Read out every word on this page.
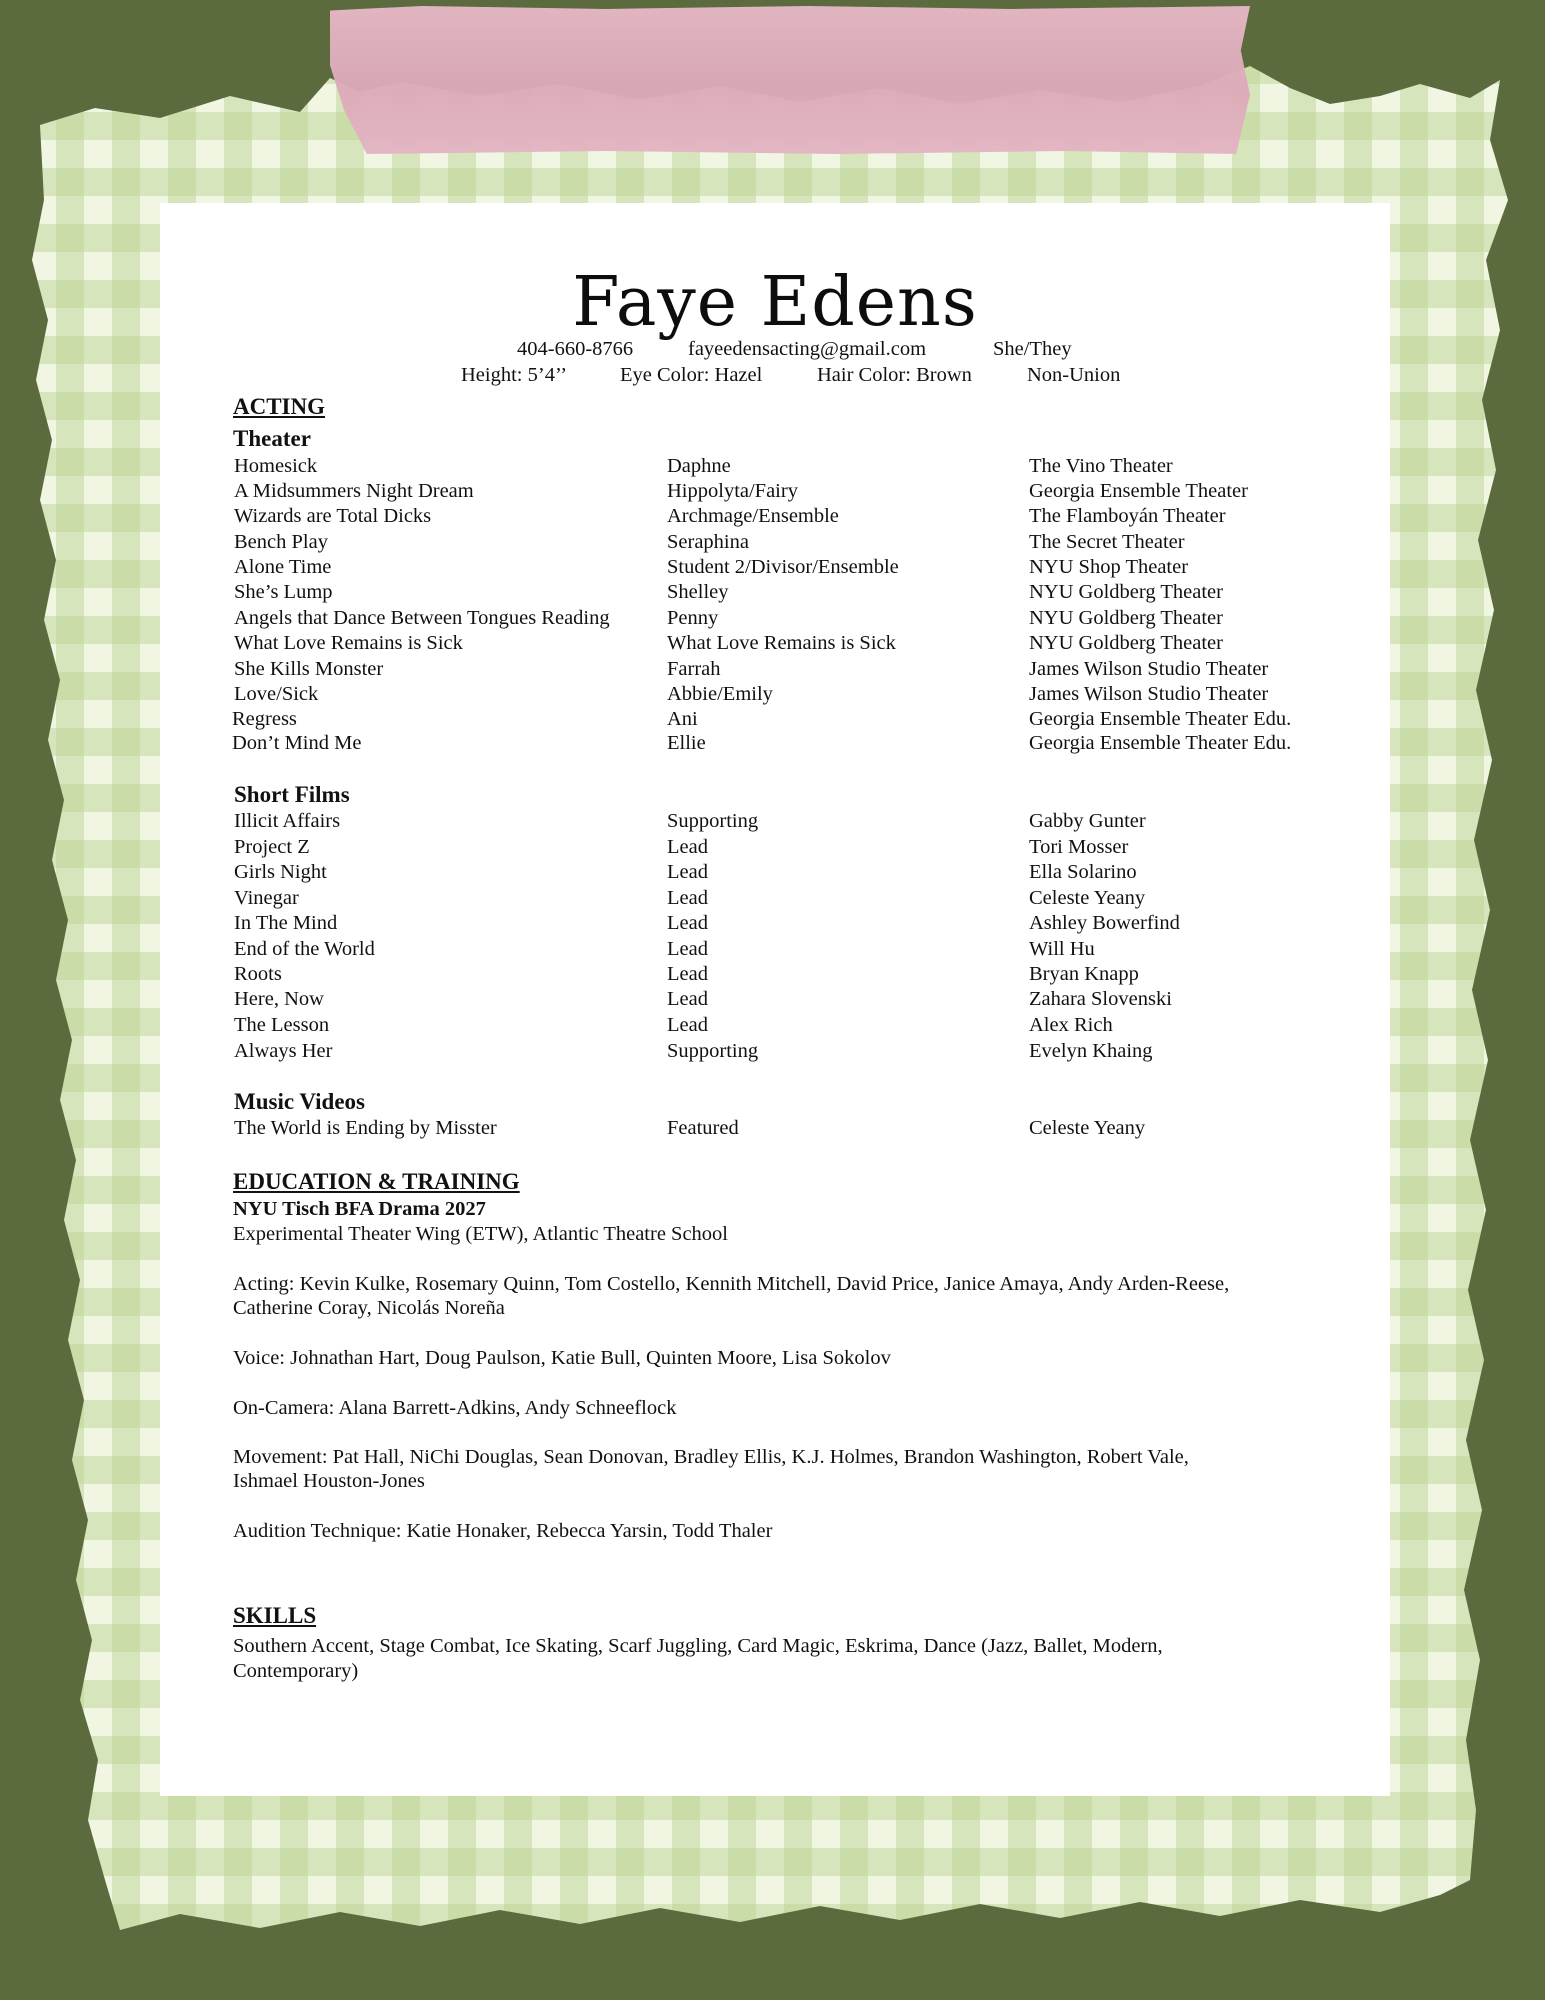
Faye Edens
404-660-8766	fayeedensacting@gmail.com	She/They
Height: 5’4’’	Eye Color: Hazel	Hair Color: Brown	Non-Union
ACTING
Theater
Homesick	Daphne	The Vino Theater
A Midsummers Night Dream	Hippolyta/Fairy	Georgia Ensemble Theater
Wizards are Total Dicks	Archmage/Ensemble	The Flamboyán Theater
Bench Play	Seraphina	The Secret Theater
Alone Time	Student 2/Divisor/Ensemble	NYU Shop Theater
She’s Lump	Shelley	NYU Goldberg Theater
Angels that Dance Between Tongues Reading	Penny	NYU Goldberg Theater
What Love Remains is Sick	What Love Remains is Sick	NYU Goldberg Theater
She Kills Monster	Farrah	James Wilson Studio Theater
Love/Sick	Abbie/Emily	James Wilson Studio Theater
Regress	Ani	Georgia Ensemble Theater Edu.
Don’t Mind Me	Ellie	Georgia Ensemble Theater Edu.
Short Films
Illicit Affairs	Supporting	Gabby Gunter
Project Z	Lead	Tori Mosser
Girls Night	Lead	Ella Solarino
Vinegar	Lead	Celeste Yeany
In The Mind	Lead	Ashley Bowerfind
End of the World	Lead	Will Hu
Roots	Lead	Bryan Knapp
Here, Now	Lead	Zahara Slovenski
The Lesson	Lead	Alex Rich
Always Her	Supporting	Evelyn Khaing
Music Videos
The World is Ending by Misster	Featured	Celeste Yeany
EDUCATION & TRAINING
NYU Tisch BFA Drama 2027
Experimental Theater Wing (ETW), Atlantic Theatre School
Acting: Kevin Kulke, Rosemary Quinn, Tom Costello, Kennith Mitchell, David Price, Janice Amaya, Andy Arden-Reese,
Catherine Coray, Nicolás Noreña
Voice: Johnathan Hart, Doug Paulson, Katie Bull, Quinten Moore, Lisa Sokolov
On-Camera: Alana Barrett-Adkins, Andy Schneeflock
Movement: Pat Hall, NiChi Douglas, Sean Donovan, Bradley Ellis, K.J. Holmes, Brandon Washington, Robert Vale,
Ishmael Houston-Jones
Audition Technique: Katie Honaker, Rebecca Yarsin, Todd Thaler
SKILLS
Southern Accent, Stage Combat, Ice Skating, Scarf Juggling, Card Magic, Eskrima, Dance (Jazz, Ballet, Modern,
Contemporary)
